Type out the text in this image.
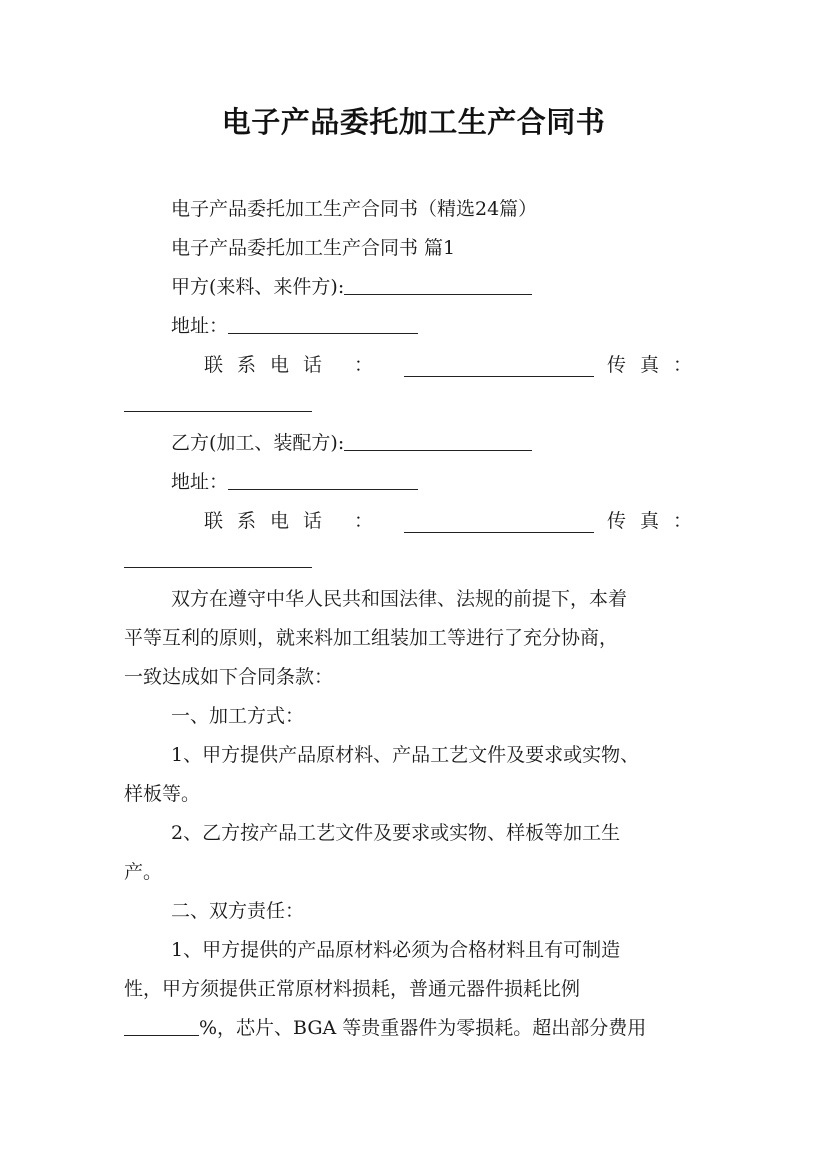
电子产品委托加工生产合同书
电子产品委托加工生产合同书（精选24篇）
电子产品委托加工生产合同书 篇1
甲方(来料、来件方):
地址：
联系电话 ：	传真：
乙方(加工、装配方):
地址：
联系电话 ：	传真：
双方在遵守中华人民共和国法律、法规的前提下，本着
平等互利的原则，就来料加工组装加工等进行了充分协商，
一致达成如下合同条款：
一、加工方式：
1、甲方提供产品原材料、产品工艺文件及要求或实物、
样板等。
2、乙方按产品工艺文件及要求或实物、样板等加工生
产。
二、双方责任：
1、甲方提供的产品原材料必须为合格材料且有可制造
性，甲方须提供正常原材料损耗，普通元器件损耗比例
%，芯片、BGA 等贵重器件为零损耗。超出部分费用
